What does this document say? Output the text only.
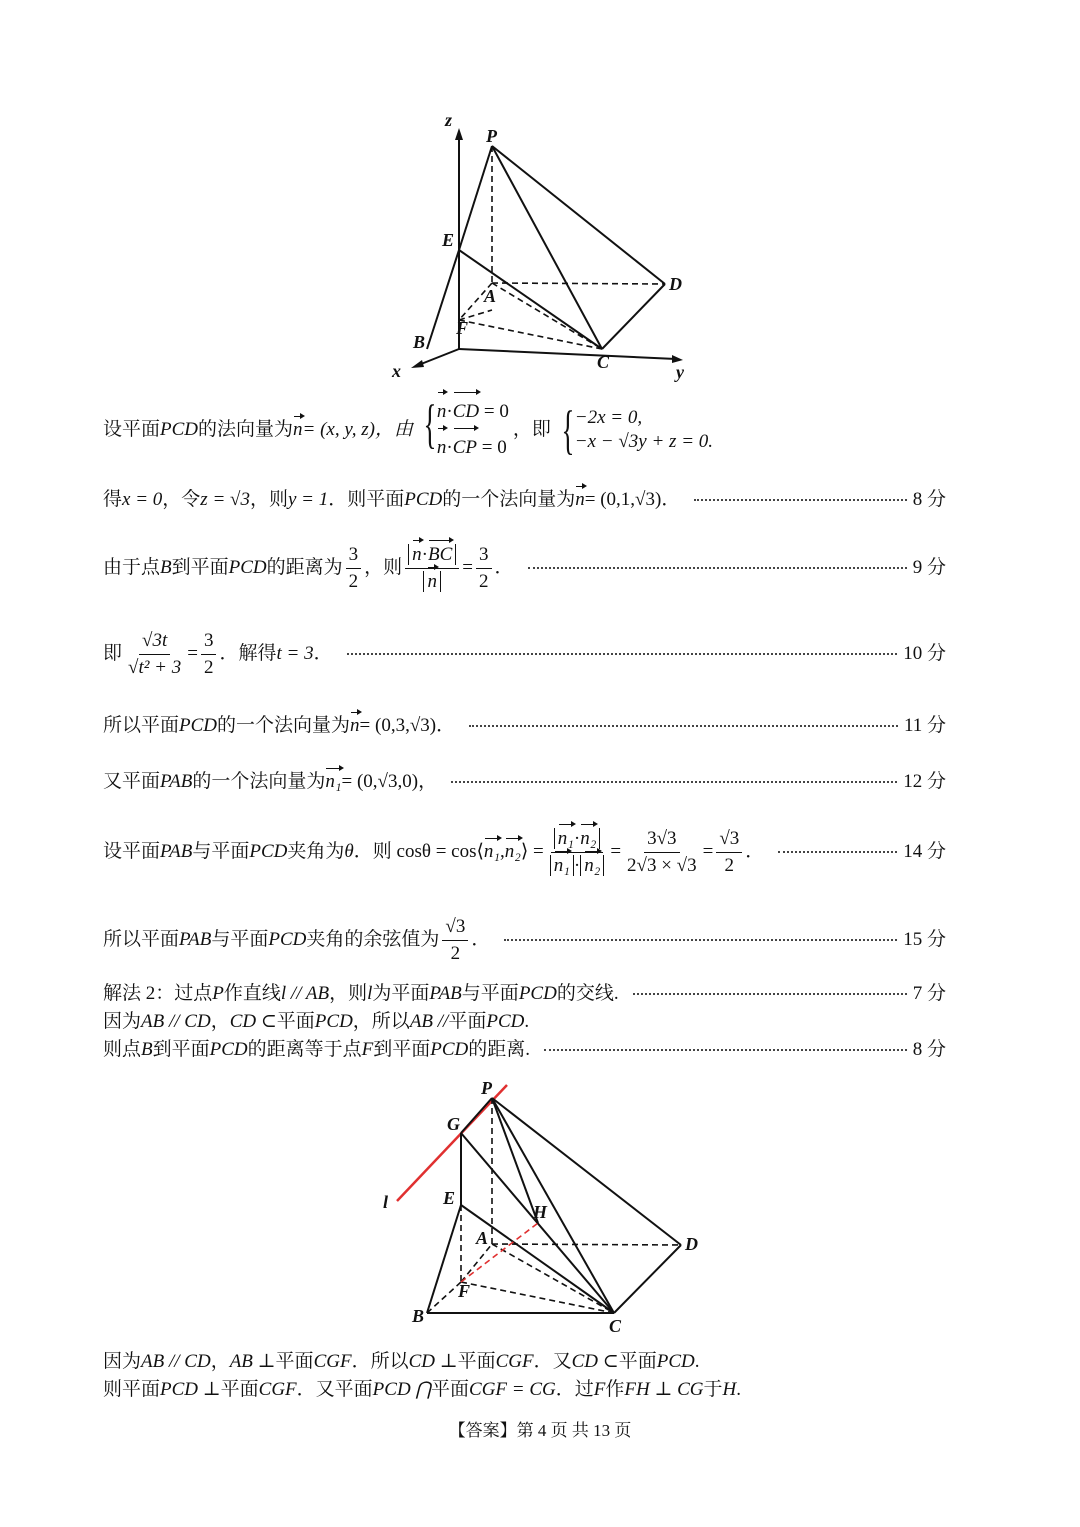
z
P
E
A
D
F
B
C
x	y
设平面 PCD 的法向量为 n = (x, y, z)，由 { n·CD = 0
n·CP = 0
，即 { −2x = 0,
−x − √3y + z = 0.
得 x = 0 ，令 z = √3 ，则 y = 1 ．则平面 PCD 的一个法向量为 n = (0,1,√3)．	8 分
由于点 B 到平面 PCD 的距离为 $\frac{3}{2}$ ，则 $\frac{n\cdot BC}{n} = \frac{3}{2}$ ．	9 分
即 $\frac{√3t}{\text{√t² + 3}} = \frac{3}{2}$ ．解得 t = 3 ．	10 分
所以平面 PCD 的一个法向量为 n = (0,3,√3)．	11 分
又平面 PAB 的一个法向量为 n₁ = (0,√3,0)，	12 分
设平面 PAB 与平面 PCD 夹角为 θ ．则 cosθ = cos⟨ n₁ , n₂ ⟩ = $\frac{\text{n₁·n₂}}{\text{n₁ · n₂}} = \frac{3√3}{2√3 \times √3} = \frac{√3}{2}$ ．	14 分
所以平面 PAB 与平面 PCD 夹角的余弦值为 $\frac{√3}{2}$ ．	15 分
解法 2：过点 P 作直线 l // AB ，则 l 为平面 PAB 与平面 PCD 的交线.	7 分
因为 AB // CD ， CD ⊂ 平面 PCD ，所以 AB // 平面 PCD .
则点 B 到平面 PCD 的距离等于点 F 到平面 PCD 的距离.	8 分
P
G
l	E
H
A	D
F
B	C
因为 AB // CD ， AB ⊥ 平面 CGF ．所以 CD ⊥ 平面 CGF ．又 CD ⊂ 平面 PCD .
则平面 PCD ⊥ 平面 CGF ．又平面 PCD ⋂ 平面 CGF = CG ．过 F 作 FH ⊥ CG 于 H .
【答案】第 4 页 共 13 页
